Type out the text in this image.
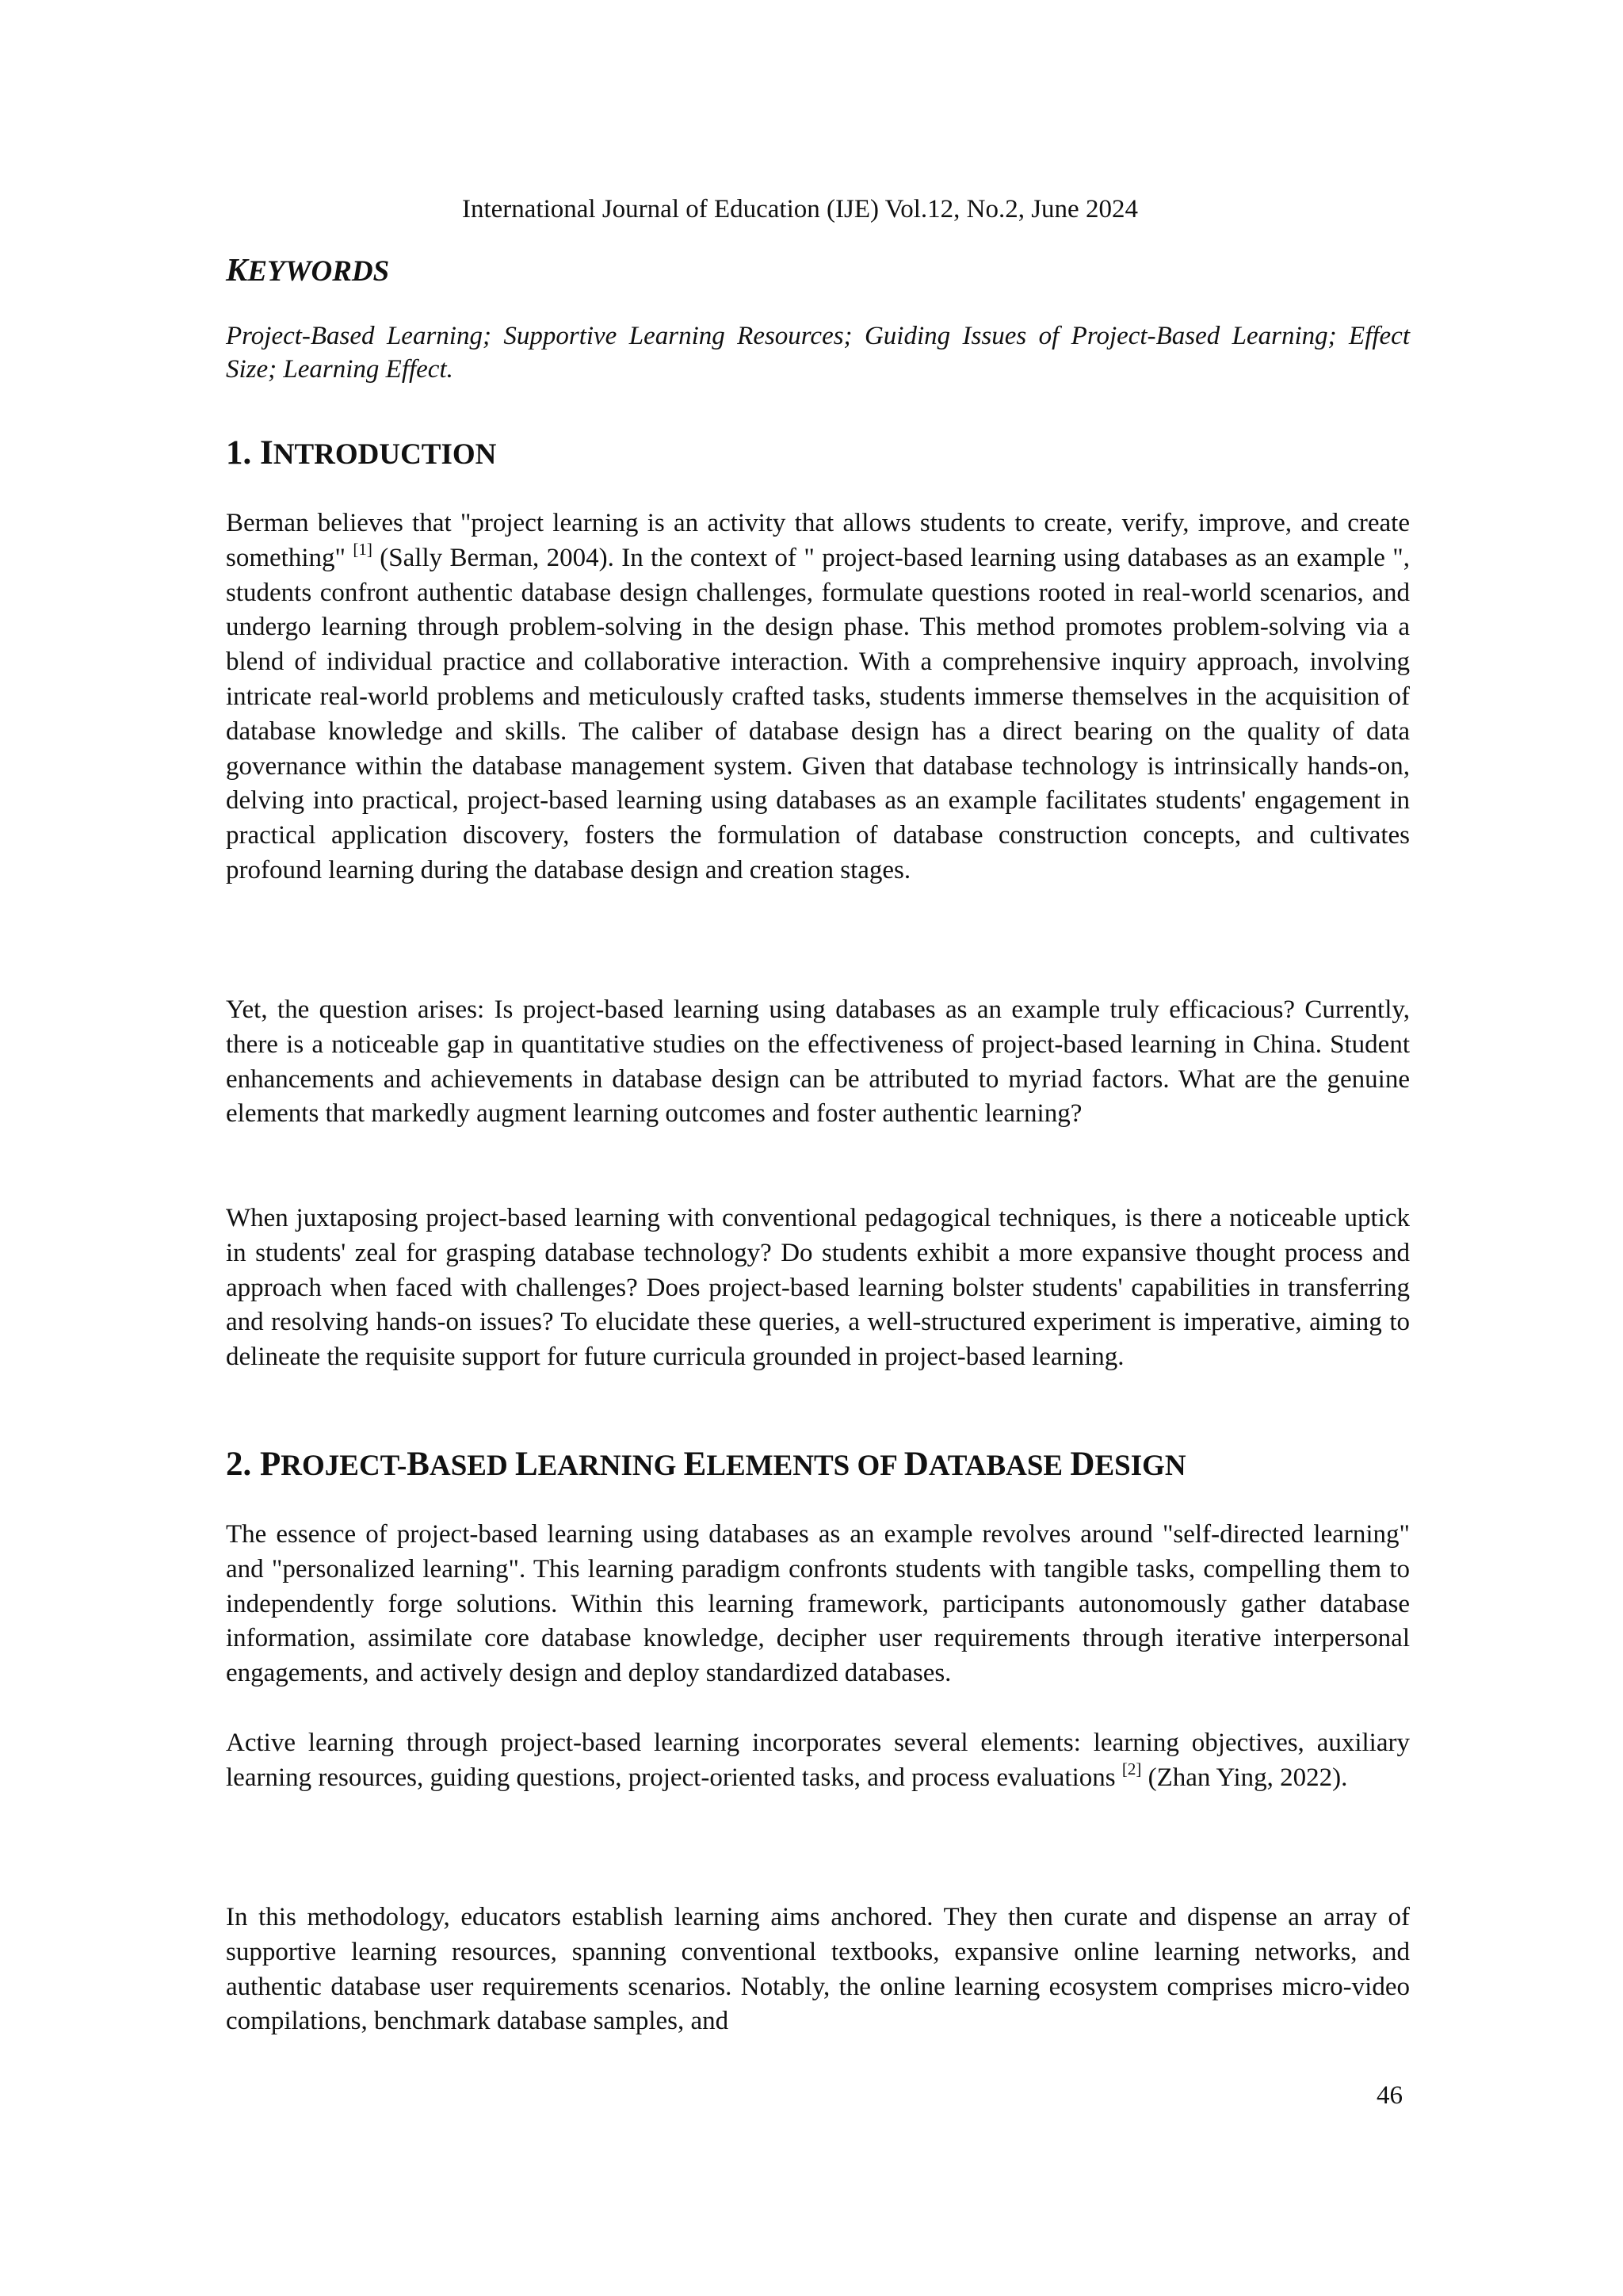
International Journal of Education (IJE) Vol.12, No.2, June 2024
KEYWORDS
Project-Based Learning; Supportive Learning Resources; Guiding Issues of Project-Based Learning; Effect Size; Learning Effect.
1. INTRODUCTION
Berman believes that "project learning is an activity that allows students to create, verify, improve, and create something" [1] (Sally Berman, 2004). In the context of " project-based learning using databases as an example ", students confront authentic database design challenges, formulate questions rooted in real-world scenarios, and undergo learning through problem-solving in the design phase. This method promotes problem-solving via a blend of individual practice and collaborative interaction. With a comprehensive inquiry approach, involving intricate real-world problems and meticulously crafted tasks, students immerse themselves in the acquisition of database knowledge and skills. The caliber of database design has a direct bearing on the quality of data governance within the database management system. Given that database technology is intrinsically hands-on, delving into practical, project-based learning using databases as an example facilitates students' engagement in practical application discovery, fosters the formulation of database construction concepts, and cultivates profound learning during the database design and creation stages.
Yet, the question arises: Is project-based learning using databases as an example truly efficacious? Currently, there is a noticeable gap in quantitative studies on the effectiveness of project-based learning in China. Student enhancements and achievements in database design can be attributed to myriad factors. What are the genuine elements that markedly augment learning outcomes and foster authentic learning?
When juxtaposing project-based learning with conventional pedagogical techniques, is there a noticeable uptick in students' zeal for grasping database technology? Do students exhibit a more expansive thought process and approach when faced with challenges? Does project-based learning bolster students' capabilities in transferring and resolving hands-on issues? To elucidate these queries, a well-structured experiment is imperative, aiming to delineate the requisite support for future curricula grounded in project-based learning.
2. PROJECT-BASED LEARNING ELEMENTS OF DATABASE DESIGN
The essence of project-based learning using databases as an example revolves around "self-directed learning" and "personalized learning". This learning paradigm confronts students with tangible tasks, compelling them to independently forge solutions. Within this learning framework, participants autonomously gather database information, assimilate core database knowledge, decipher user requirements through iterative interpersonal engagements, and actively design and deploy standardized databases.
Active learning through project-based learning incorporates several elements: learning objectives, auxiliary learning resources, guiding questions, project-oriented tasks, and process evaluations [2] (Zhan Ying, 2022).
In this methodology, educators establish learning aims anchored. They then curate and dispense an array of supportive learning resources, spanning conventional textbooks, expansive online learning networks, and authentic database user requirements scenarios. Notably, the online learning ecosystem comprises micro-video compilations, benchmark database samples, and
46
